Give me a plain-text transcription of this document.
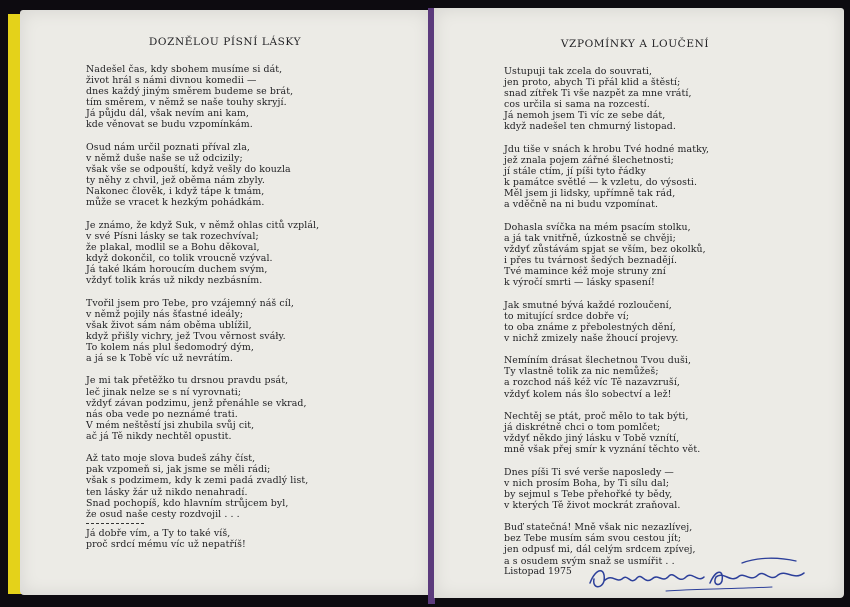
DOZNĚLOU PÍSNÍ LÁSKY
Nadešel čas, kdy sbohem musíme si dát,
život hrál s námi divnou komedii —
dnes každý jiným směrem budeme se brát,
tím směrem, v němž se naše touhy skryjí.
Já půjdu dál, však nevím ani kam,
kde věnovat se budu vzpomínkám.
Osud nám určil poznati příval zla,
v němž duše naše se už odcizily;
však vše se odpouští, když vešly do kouzla
ty něhy z chvil, jež oběma nám zbyly.
Nakonec člověk, i když tápe k tmám,
může se vracet k hezkým pohádkám.
Je známo, že když Suk, v němž ohlas citů vzplál,
v své Písni lásky se tak rozechvíval;
že plakal, modlil se a Bohu děkoval,
když dokončil, co tolik vroucně vzýval.
Já také lkám horoucím duchem svým,
vždyť tolik krás už nikdy nezbásním.
Tvořil jsem pro Tebe, pro vzájemný náš cíl,
v němž pojily nás šťastné ideály;
však život sám nám oběma ublížil,
když přišly vichry, jež Tvou věrnost sváły.
To kolem nás plul šedomodrý dým,
a já se k Tobě víc už nevrátím.
Je mi tak přetěžko tu drsnou pravdu psát,
leč jinak nelze se s ní vyrovnati;
vždyť závan podzimu, jenž přenáhle se vkrad,
nás oba vede po neznámé trati.
V mém neštěstí jsi zhubila svůj cit,
ač já Tě nikdy nechtěl opustit.
Až tato moje slova budeš záhy číst,
pak vzpomeň si, jak jsme se měli rádi;
však s podzimem, kdy k zemi padá zvadlý list,
ten lásky žár už nikdo nenahradí.
Snad pochopíš, kdo hlavním strůjcem byl,
že osud naše cesty rozdvojil . . .
Já dobře vím, a Ty to také víš,
proč srdcí mému víc už nepatříš!
VZPOMÍNKY A LOUČENÍ
Ustupuji tak zcela do souvrati,
jen proto, abych Ti přál klid a štěstí;
snad zítřek Ti vše nazpět za mne vrátí,
cos určila si sama na rozcestí.
Já nemoh jsem Ti víc ze sebe dát,
když nadešel ten chmurný listopad.
Jdu tiše v snách k hrobu Tvé hodné matky,
jež znala pojem zářné šlechetnosti;
jí stále ctím, jí píši tyto řádky
k památce světlé — k vzletu, do výsosti.
Měl jsem ji lidsky, upřímně tak rád,
a vděčně na ni budu vzpomínat.
Dohasla svíčka na mém psacím stolku,
a já tak vnitřně, úzkostně se chvěji;
vždyť zůstávám spjat se vším, bez okolků,
i přes tu tvárnost šedých beznadějí.
Tvé mamince kéž moje struny zní
k výročí smrti — lásky spasení!
Jak smutné bývá každé rozloučení,
to mitující srdce dobře ví;
to oba známe z přebolestných dění,
v nichž zmizely naše žhoucí projevy.
Nemíním drásat šlechetnou Tvou duši,
Ty vlastně tolik za nic nemůžeš;
a rozchod náš kéž víc Tě nazavzruší,
vždyť kolem nás šlo sobectví a lež!
Nechtěj se ptát, proč mělo to tak býti,
já diskrétně chci o tom pomlčet;
vždyť někdo jiný lásku v Tobě vznítí,
mně však přej smír k vyznání těchto vět.
Dnes píši Ti své verše naposledy —
v nich prosím Boha, by Ti sílu dal;
by sejmul s Tebe přehořké ty bědy,
v kterých Tě život mockrát zraňoval.
Buď statečná! Mně však nic nezazlívej,
bez Tebe musím sám svou cestou jít;
jen odpusť mi, dál celým srdcem zpívej,
a s osudem svým snaž se usmířit . .
Listopad 1975
